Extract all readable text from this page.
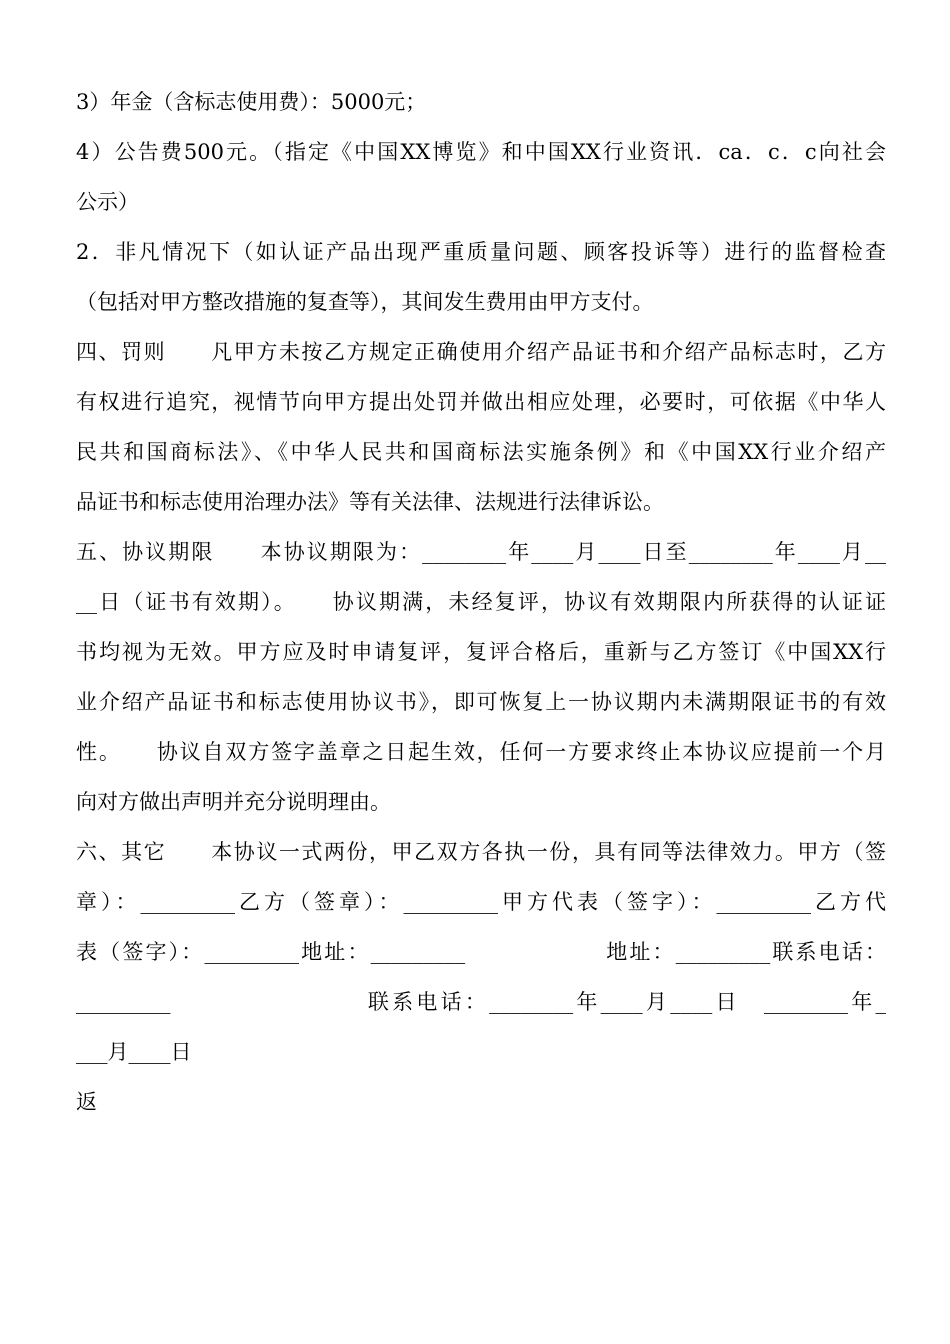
3）年金（含标志使用费）：5000元；
4）公告费500元。（指定《中国XX博览》和中国XX行业资讯．ca．c．c向社会
公示）
2．非凡情况下（如认证产品出现严重质量问题、顾客投诉等）进行的监督检查
（包括对甲方整改措施的复查等），其间发生费用由甲方支付。
四、罚则　　凡甲方未按乙方规定正确使用介绍产品证书和介绍产品标志时，乙方
有权进行追究，视情节向甲方提出处罚并做出相应处理，必要时，可依据《中华人
民共和国商标法》、《中华人民共和国商标法实施条例》和《中国XX行业介绍产
品证书和标志使用治理办法》等有关法律、法规进行法律诉讼。
五、协议期限　　本协议期限为：________年____月____日至________年____月__
__日（证书有效期）。　　协议期满，未经复评，协议有效期限内所获得的认证证
书均视为无效。甲方应及时申请复评，复评合格后，重新与乙方签订《中国XX行
业介绍产品证书和标志使用协议书》，即可恢复上一协议期内未满期限证书的有效
性。　　协议自双方签字盖章之日起生效，任何一方要求终止本协议应提前一个月
向对方做出声明并充分说明理由。
六、其它　　本协议一式两份，甲乙双方各执一份，具有同等法律效力。甲方（签
章）：_________乙方（签章）：_________甲方代表（签字）：_________乙方代
表（签字）：_________地址：_________　　　　　　地址：_________联系电话：
_________　　　　　　　　联系电话：________年____月____日　________年_
___月____日
返
